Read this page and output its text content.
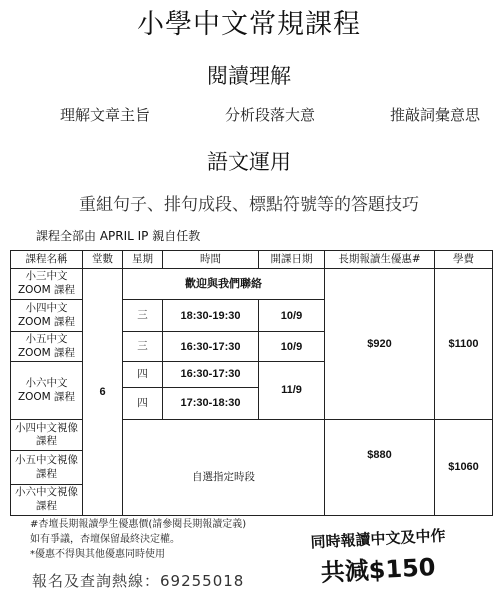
小學中文常規課程
閱讀理解
理解文章主旨	分析段落大意	推敲詞彙意思
語文運用
重組句子、排句成段、標點符號等的答題技巧
課程全部由 APRIL IP 親自任教
課程名稱	堂數	星期	時間	開課日期	長期報讀生優惠#	學費
小三中文ZOOM 課程	6	歡迎與我們聯絡			$920	$1100
小四中文ZOOM 課程		三	18:30-19:30	10/9		
小五中文ZOOM 課程		三	16:30-17:30	10/9		

小六中文ZOOM 課程		四	16:30-17:30	11/9		
		四	17:30-18:30			
小四中文視像課程		自選指定時段			$880	$1060
小五中文視像課程						
小六中文視像課程						
#杏壇長期報讀學生優惠價(請參閱長期報讀定義)
如有爭議，杏壇保留最終決定權。
*優惠不得與其他優惠同時使用
報名及查詢熱線：69255018
同時報讀中文及中作
共減$150
